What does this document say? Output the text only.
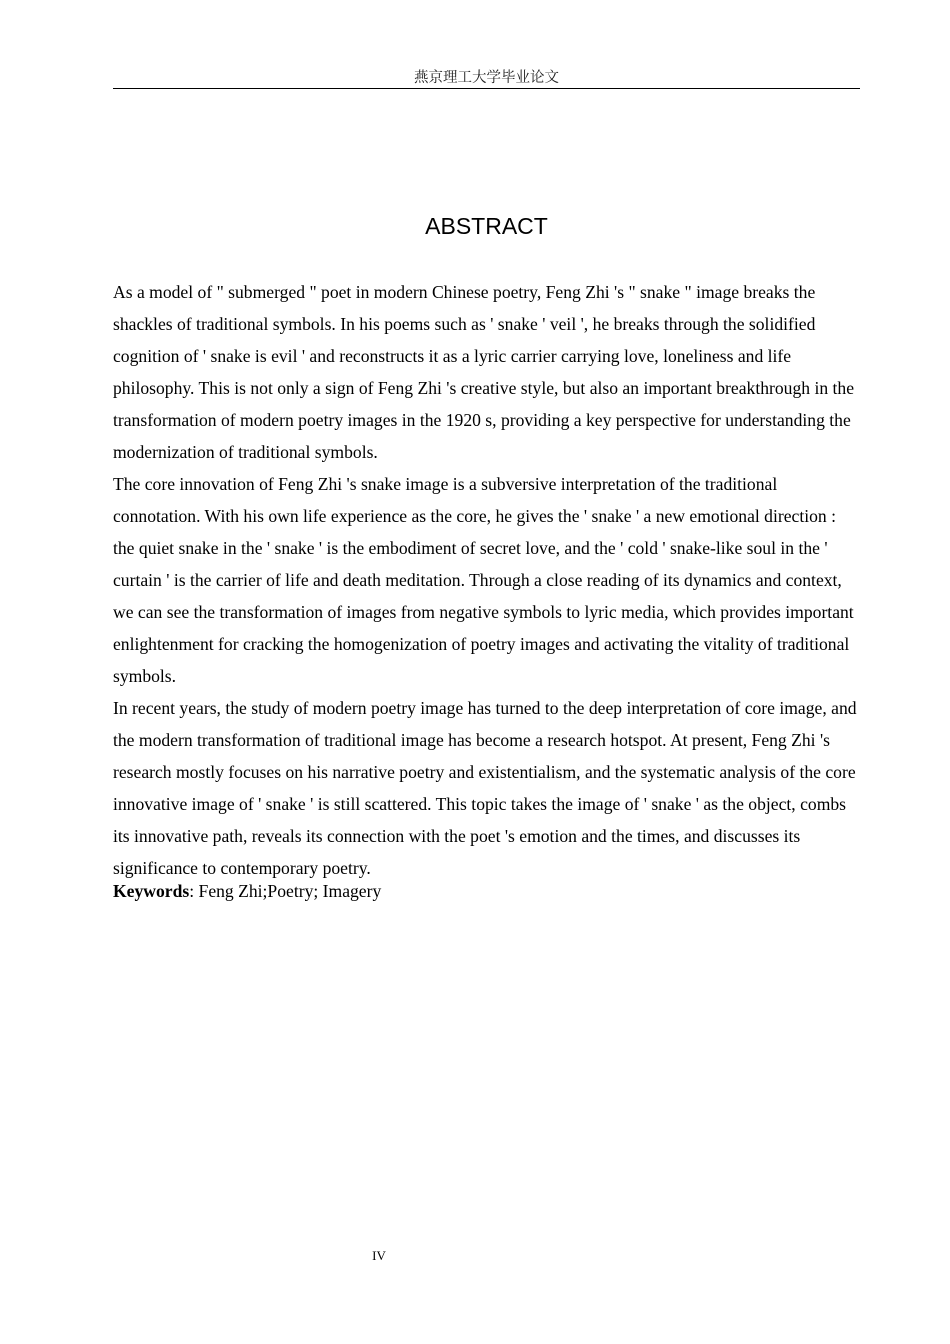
燕京理工大学毕业论文
ABSTRACT

As a model of " submerged " poet in modern Chinese poetry, Feng Zhi 's " snake " image breaks the shackles of traditional symbols. In his poems such as ' snake ' veil ', he breaks through the solidified cognition of ' snake is evil ' and reconstructs it as a lyric carrier carrying love, loneliness and life philosophy. This is not only a sign of Feng Zhi 's creative style, but also an important breakthrough in the transformation of modern poetry images in the 1920 s, providing a key perspective for understanding the modernization of traditional symbols.

The core innovation of Feng Zhi 's snake image is a subversive interpretation of the traditional connotation. With his own life experience as the core, he gives the ' snake ' a new emotional direction : the quiet snake in the ' snake ' is the embodiment of secret love, and the ' cold ' snake-like soul in the ' curtain ' is the carrier of life and death meditation. Through a close reading of its dynamics and context, we can see the transformation of images from negative symbols to lyric media, which provides important enlightenment for cracking the homogenization of poetry images and activating the vitality of traditional symbols.

In recent years, the study of modern poetry image has turned to the deep interpretation of core image, and the modern transformation of traditional image has become a research hotspot. At present, Feng Zhi 's research mostly focuses on his narrative poetry and existentialism, and the systematic analysis of the core innovative image of ' snake ' is still scattered. This topic takes the image of ' snake ' as the object, combs its innovative path, reveals its connection with the poet 's emotion and the times, and discusses its significance to contemporary poetry.

Keywords: Feng Zhi;Poetry; Imagery
IV
